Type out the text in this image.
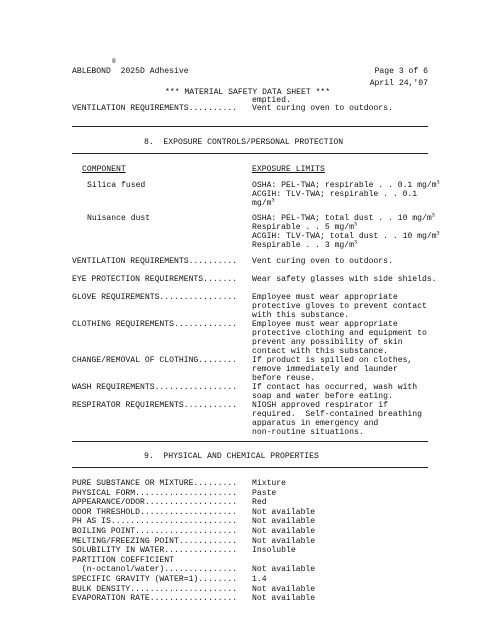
®
ABLEBOND  2025D Adhesive	Page 3 of 6
April 24,'07
*** MATERIAL SAFETY DATA SHEET ***
emptied.
VENTILATION REQUIREMENTS.......... Vent curing oven to outdoors.
8.  EXPOSURE CONTROLS/PERSONAL PROTECTION
COMPONENT	EXPOSURE LIMITS
Silica fused	OSHA: PEL-TWA; respirable . . 0.1 $mg/m^3$
ACGIH: TLV-TWA; respirable . . 0.1
$mg/m^3$
Nuisance dust	OSHA: PEL-TWA; total dust . . 10 $mg/m^3$
Respirable . . 5 $mg/m^3$
ACGIH: TLV-TWA; total dust . . 10 $mg/m^3$
Respirable . . 3 $mg/m^3$
VENTILATION REQUIREMENTS.......... Vent curing oven to outdoors.
EYE PROTECTION REQUIREMENTS....... Wear safety glasses with side shields.
GLOVE REQUIREMENTS................ Employee must wear appropriate
protective gloves to prevent contact
with this substance.
CLOTHING REQUIREMENTS............. Employee must wear appropriate
protective clothing and equipment to
prevent any possibility of skin
contact with this substance.
CHANGE/REMOVAL OF CLOTHING........ If product is spilled on clothes,
remove immediately and launder
before reuse.
WASH REQUIREMENTS................. If contact has occurred, wash with
soap and water before eating.
RESPIRATOR REQUIREMENTS........... NIOSH approved respirator if
required.  Self-contained breathing
apparatus in emergency and
non-routine situations.
9.  PHYSICAL AND CHEMICAL PROPERTIES
PURE SUBSTANCE OR MIXTURE......... Mixture
PHYSICAL FORM..................... Paste
APPEARANCE/ODOR................... Red
ODOR THRESHOLD.................... Not available
PH AS IS.......................... Not available
BOILING POINT..................... Not available
MELTING/FREEZING POINT............ Not available
SOLUBILITY IN WATER............... Insoluble
PARTITION COEFFICIENT
(n-octanol/water)............... Not available
SPECIFIC GRAVITY (WATER=1)........ 1.4
BULK DENSITY...................... Not available
EVAPORATION RATE.................. Not available
